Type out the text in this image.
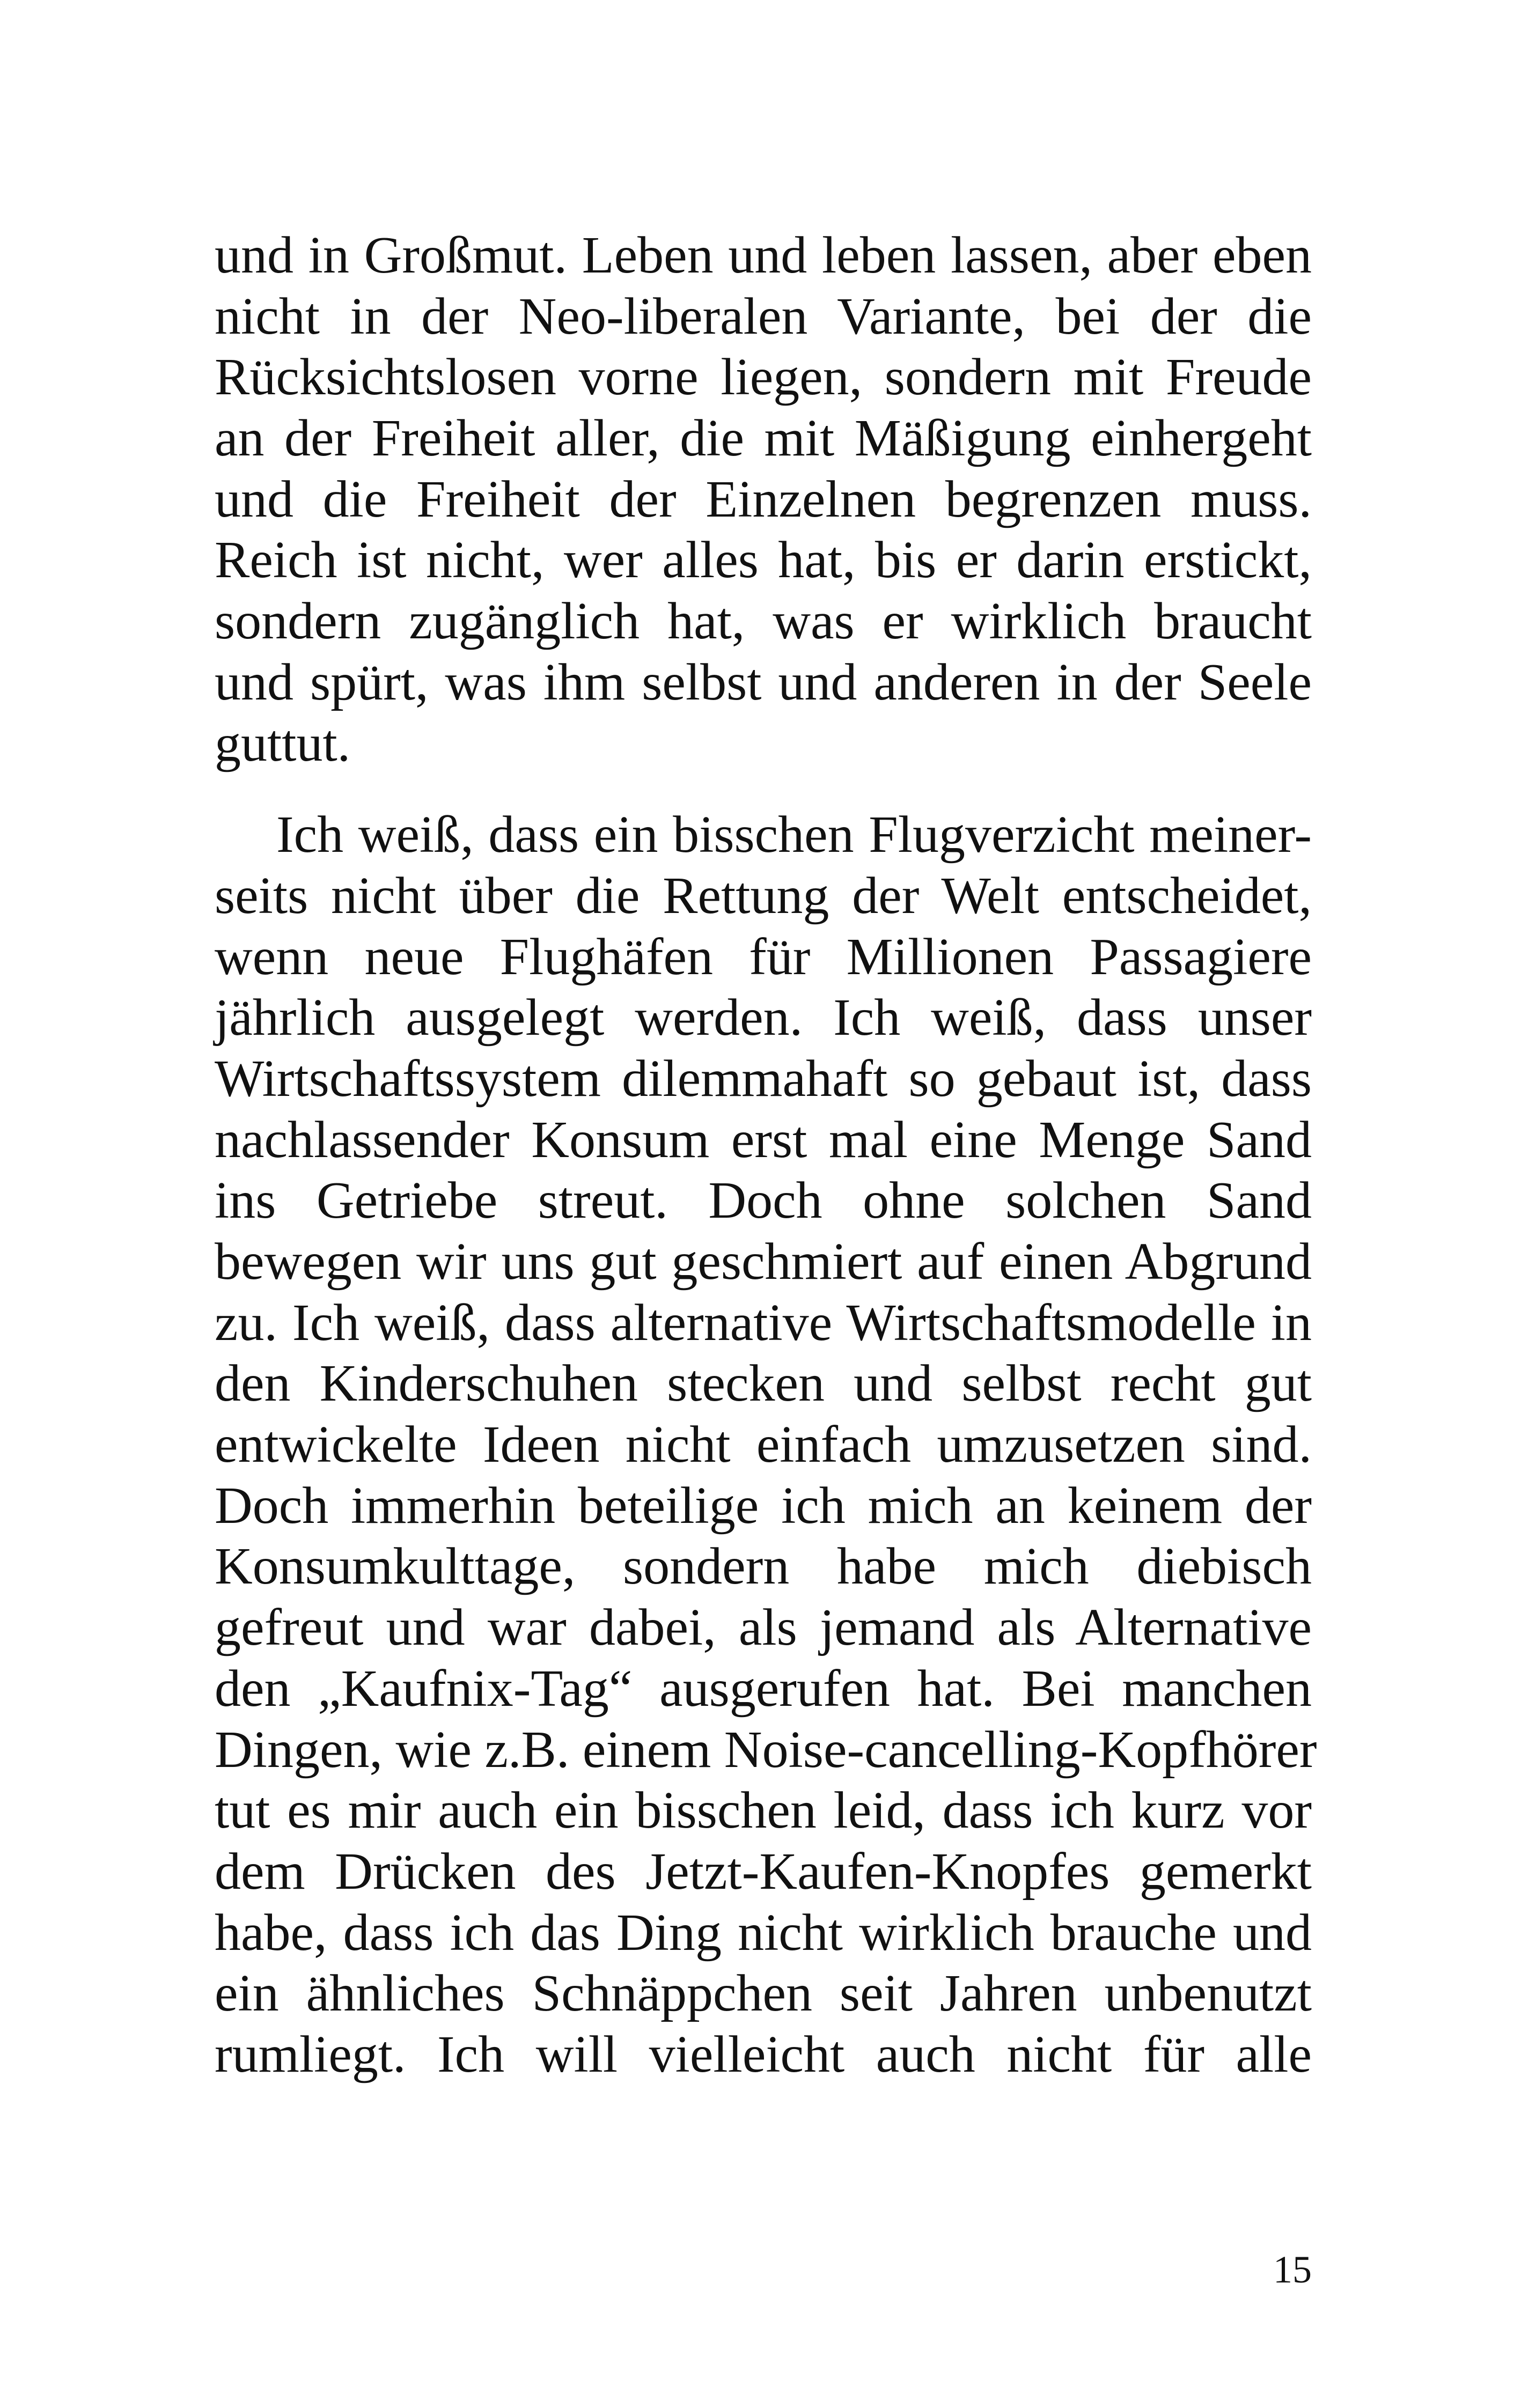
und in Großmut. Leben und leben lassen, aber eben
nicht in der Neo-liberalen Variante, bei der die
Rücksichtslosen vorne liegen, sondern mit Freude
an der Freiheit aller, die mit Mäßigung einhergeht
und die Freiheit der Einzelnen begrenzen muss.
Reich ist nicht, wer alles hat, bis er darin erstickt,
sondern zugänglich hat, was er wirklich braucht
und spürt, was ihm selbst und anderen in der Seele
guttut.
Ich weiß, dass ein bisschen Flugverzicht meiner-
seits nicht über die Rettung der Welt entscheidet,
wenn neue Flughäfen für Millionen Passagiere
jährlich ausgelegt werden. Ich weiß, dass unser
Wirtschaftssystem dilemmahaft so gebaut ist, dass
nachlassender Konsum erst mal eine Menge Sand
ins Getriebe streut. Doch ohne solchen Sand
bewegen wir uns gut geschmiert auf einen Abgrund
zu. Ich weiß, dass alternative Wirtschaftsmodelle in
den Kinderschuhen stecken und selbst recht gut
entwickelte Ideen nicht einfach umzusetzen sind.
Doch immerhin beteilige ich mich an keinem der
Konsumkulttage, sondern habe mich diebisch
gefreut und war dabei, als jemand als Alternative
den „Kaufnix-Tag“ ausgerufen hat. Bei manchen
Dingen, wie z.B. einem Noise-cancelling-Kopfhörer
tut es mir auch ein bisschen leid, dass ich kurz vor
dem Drücken des Jetzt-Kaufen-Knopfes gemerkt
habe, dass ich das Ding nicht wirklich brauche und
ein ähnliches Schnäppchen seit Jahren unbenutzt
rumliegt. Ich will vielleicht auch nicht für alle
15
